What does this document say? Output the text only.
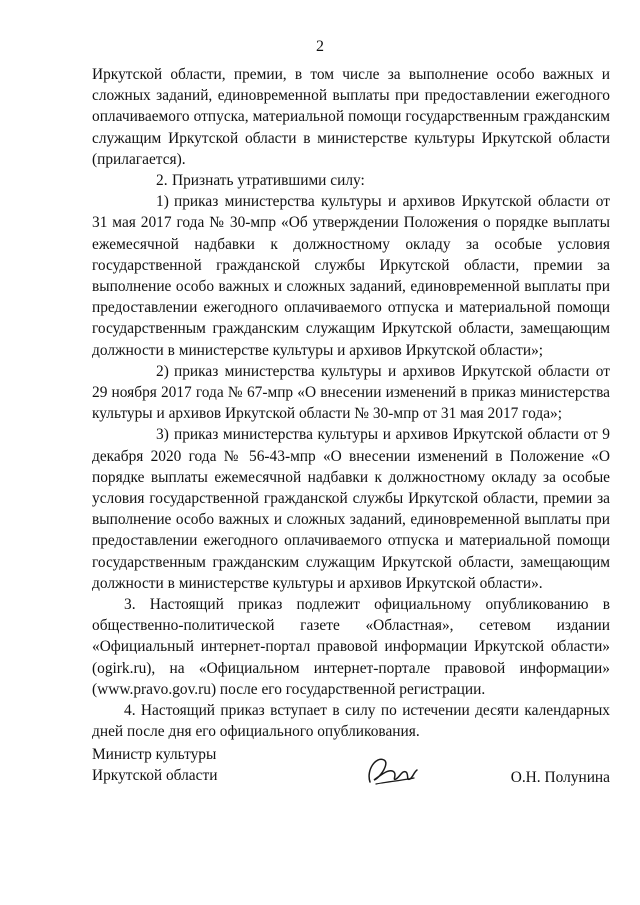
2

Иркутской области, премии, в том числе за выполнение особо важных и сложных заданий, единовременной выплаты при предоставлении ежегодного оплачиваемого отпуска, материальной помощи государственным гражданским служащим Иркутской области в министерстве культуры Иркутской области (прилагается).

2. Признать утратившими силу:

1) приказ министерства культуры и архивов Иркутской области от 31 мая 2017 года № 30-мпр «Об утверждении Положения о порядке выплаты ежемесячной надбавки к должностному окладу за особые условия государственной гражданской службы Иркутской области, премии за выполнение особо важных и сложных заданий, единовременной выплаты при предоставлении ежегодного оплачиваемого отпуска и материальной помощи государственным гражданским служащим Иркутской области, замещающим должности в министерстве культуры и архивов Иркутской области»;

2) приказ министерства культуры и архивов Иркутской области от 29 ноября 2017 года № 67-мпр «О внесении изменений в приказ министерства культуры и архивов Иркутской области № 30-мпр от 31 мая 2017 года»;

3) приказ министерства культуры и архивов Иркутской области от 9 декабря 2020 года № 56-43-мпр «О внесении изменений в Положение «О порядке выплаты ежемесячной надбавки к должностному окладу за особые условия государственной гражданской службы Иркутской области, премии за выполнение особо важных и сложных заданий, единовременной выплаты при предоставлении ежегодного оплачиваемого отпуска и материальной помощи государственным гражданским служащим Иркутской области, замещающим должности в министерстве культуры и архивов Иркутской области».

3. Настоящий приказ подлежит официальному опубликованию в общественно-политической газете «Областная», сетевом издании «Официальный интернет-портал правовой информации Иркутской области» (ogirk.ru), на «Официальном интернет-портале правовой информации» (www.pravo.gov.ru) после его государственной регистрации.

4. Настоящий приказ вступает в силу по истечении десяти календарных дней после дня его официального опубликования.

Министр культуры

Иркутской области	О.Н. Полунина
